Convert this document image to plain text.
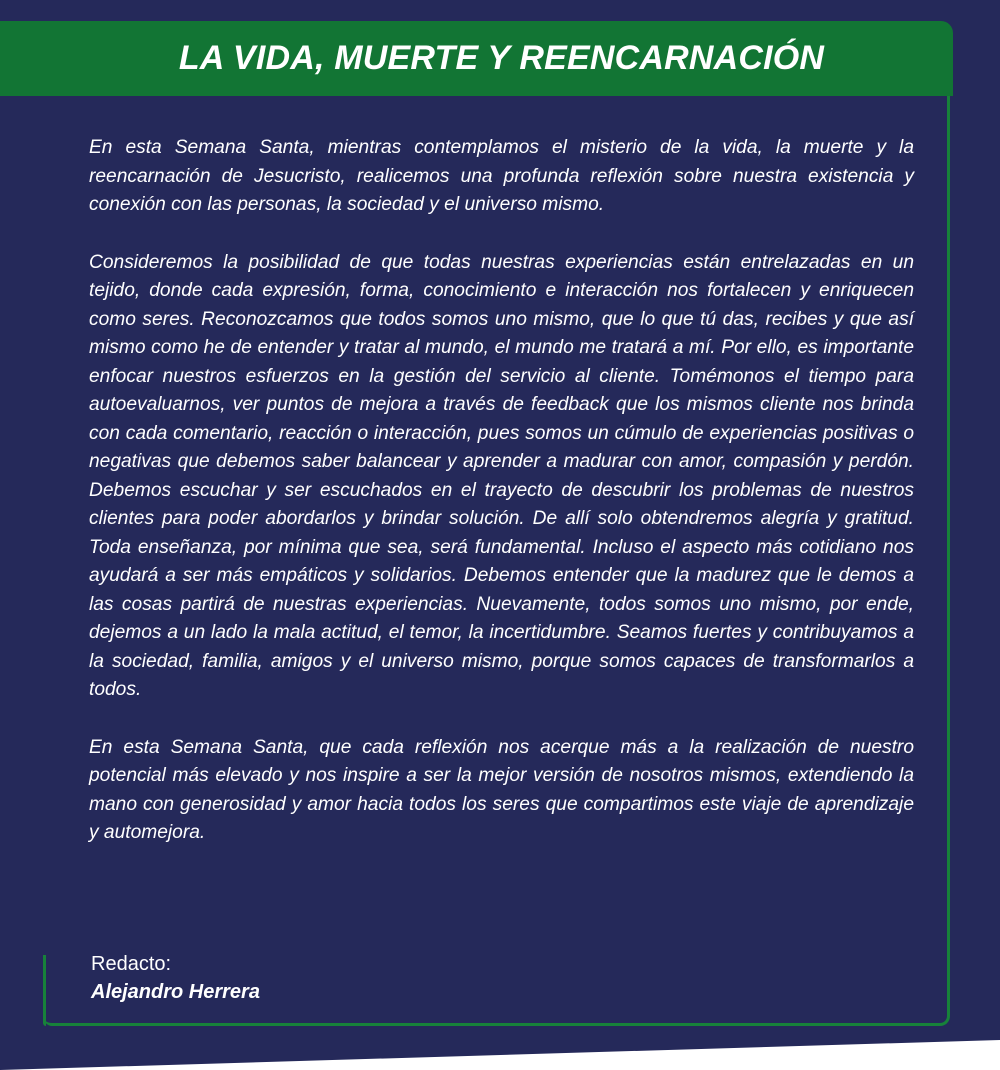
LA VIDA, MUERTE Y REENCARNACIÓN

En esta Semana Santa, mientras contemplamos el misterio de la vida, la muerte y la reencarnación de Jesucristo, realicemos una profunda reflexión sobre nuestra existencia y conexión con las personas, la sociedad y el universo mismo.

Consideremos la posibilidad de que todas nuestras experiencias están entrelazadas en un tejido, donde cada expresión, forma, conocimiento e interacción nos fortalecen y enriquecen como seres. Reconozcamos que todos somos uno mismo, que lo que tú das, recibes y que así mismo como he de entender y tratar al mundo, el mundo me tratará a mí. Por ello, es importante enfocar nuestros esfuerzos en la gestión del servicio al cliente. Tomémonos el tiempo para autoevaluarnos, ver puntos de mejora a través de feedback que los mismos cliente nos brinda con cada comentario, reacción o interacción, pues somos un cúmulo de experiencias positivas o negativas que debemos saber balancear y aprender a madurar con amor, compasión y perdón. Debemos escuchar y ser escuchados en el trayecto de descubrir los problemas de nuestros clientes para poder abordarlos y brindar solución. De allí solo obtendremos alegría y gratitud. Toda enseñanza, por mínima que sea, será fundamental. Incluso el aspecto más cotidiano nos ayudará a ser más empáticos y solidarios. Debemos entender que la madurez que le demos a las cosas partirá de nuestras experiencias. Nuevamente, todos somos uno mismo, por ende, dejemos a un lado la mala actitud, el temor, la incertidumbre. Seamos fuertes y contribuyamos a la sociedad, familia, amigos y el universo mismo, porque somos capaces de transformarlos a todos.

En esta Semana Santa, que cada reflexión nos acerque más a la realización de nuestro potencial más elevado y nos inspire a ser la mejor versión de nosotros mismos, extendiendo la mano con generosidad y amor hacia todos los seres que compartimos este viaje de aprendizaje y automejora.

Redacto:
Alejandro Herrera
